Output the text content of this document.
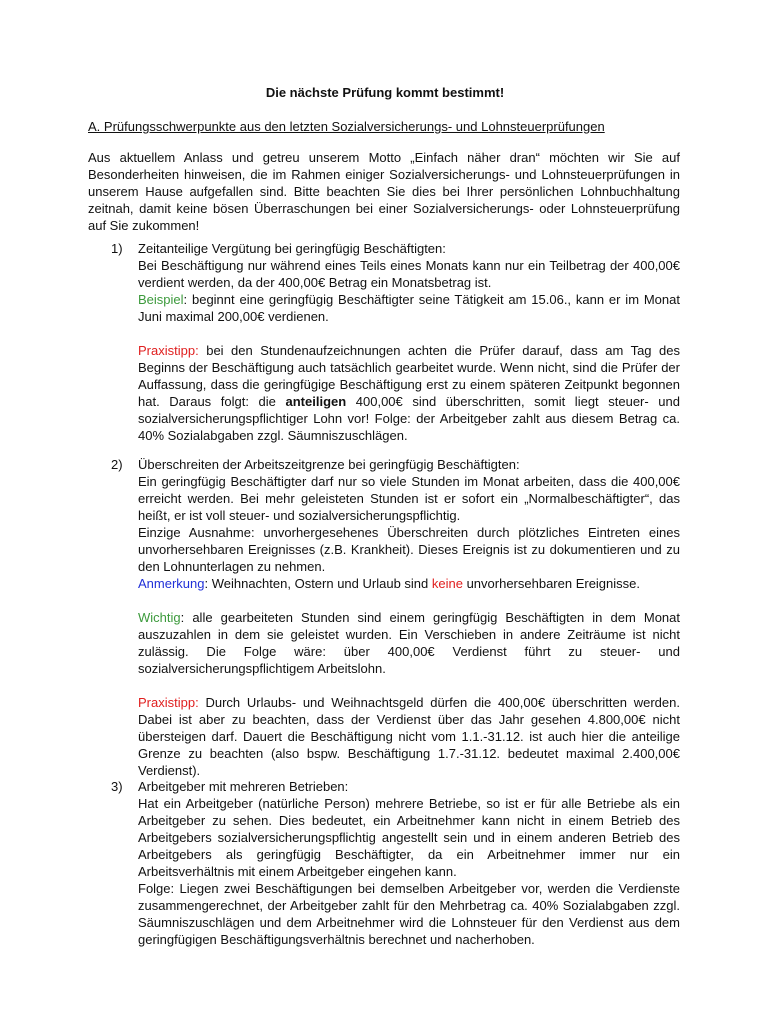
Die nächste Prüfung kommt bestimmt!
A. Prüfungsschwerpunkte aus den letzten Sozialversicherungs- und Lohnsteuerprüfungen
Aus aktuellem Anlass und getreu unserem Motto „Einfach näher dran“ möchten wir Sie auf Besonderheiten hinweisen, die im Rahmen einiger Sozialversicherungs- und Lohnsteuerprüfungen in unserem Hause aufgefallen sind. Bitte beachten Sie dies bei Ihrer persönlichen Lohnbuchhaltung zeitnah, damit keine bösen Überraschungen bei einer Sozialversicherungs- oder Lohnsteuerprüfung auf Sie zukommen!
1) Zeitanteilige Vergütung bei geringfügig Beschäftigten:

Bei Beschäftigung nur während eines Teils eines Monats kann nur ein Teilbetrag der 400,00€ verdient werden, da der 400,00€ Betrag ein Monatsbetrag ist.

Beispiel: beginnt eine geringfügig Beschäftigter seine Tätigkeit am 15.06., kann er im Monat Juni maximal 200,00€ verdienen.

Praxistipp: bei den Stundenaufzeichnungen achten die Prüfer darauf, dass am Tag des Beginns der Beschäftigung auch tatsächlich gearbeitet wurde. Wenn nicht, sind die Prüfer der Auffassung, dass die geringfügige Beschäftigung erst zu einem späteren Zeitpunkt begonnen hat. Daraus folgt: die anteiligen 400,00€ sind überschritten, somit liegt steuer- und sozialversicherungspflichtiger Lohn vor! Folge: der Arbeitgeber zahlt aus diesem Betrag ca. 40% Sozialabgaben zzgl. Säumniszuschlägen.

2) Überschreiten der Arbeitszeitgrenze bei geringfügig Beschäftigten:

Ein geringfügig Beschäftigter darf nur so viele Stunden im Monat arbeiten, dass die 400,00€ erreicht werden. Bei mehr geleisteten Stunden ist er sofort ein „Normalbeschäftigter“, das heißt, er ist voll steuer- und sozialversicherungspflichtig.

Einzige Ausnahme: unvorhergesehenes Überschreiten durch plötzliches Eintreten eines unvorhersehbaren Ereignisses (z.B. Krankheit). Dieses Ereignis ist zu dokumentieren und zu den Lohnunterlagen zu nehmen.

Anmerkung: Weihnachten, Ostern und Urlaub sind keine unvorhersehbaren Ereignisse.

Wichtig: alle gearbeiteten Stunden sind einem geringfügig Beschäftigten in dem Monat auszuzahlen in dem sie geleistet wurden. Ein Verschieben in andere Zeiträume ist nicht zulässig. Die Folge wäre: über 400,00€ Verdienst führt zu steuer- und sozialversicherungspflichtigem Arbeitslohn.

Praxistipp: Durch Urlaubs- und Weihnachtsgeld dürfen die 400,00€ überschritten werden. Dabei ist aber zu beachten, dass der Verdienst über das Jahr gesehen 4.800,00€ nicht übersteigen darf. Dauert die Beschäftigung nicht vom 1.1.-31.12. ist auch hier die anteilige Grenze zu beachten (also bspw. Beschäftigung 1.7.-31.12. bedeutet maximal 2.400,00€ Verdienst).

3) Arbeitgeber mit mehreren Betrieben:

Hat ein Arbeitgeber (natürliche Person) mehrere Betriebe, so ist er für alle Betriebe als ein Arbeitgeber zu sehen. Dies bedeutet, ein Arbeitnehmer kann nicht in einem Betrieb des Arbeitgebers sozialversicherungspflichtig angestellt sein und in einem anderen Betrieb des Arbeitgebers als geringfügig Beschäftigter, da ein Arbeitnehmer immer nur ein Arbeitsverhältnis mit einem Arbeitgeber eingehen kann.

Folge: Liegen zwei Beschäftigungen bei demselben Arbeitgeber vor, werden die Verdienste zusammengerechnet, der Arbeitgeber zahlt für den Mehrbetrag ca. 40% Sozialabgaben zzgl. Säumniszuschlägen und dem Arbeitnehmer wird die Lohnsteuer für den Verdienst aus dem geringfügigen Beschäftigungsverhältnis berechnet und nacherhoben.
